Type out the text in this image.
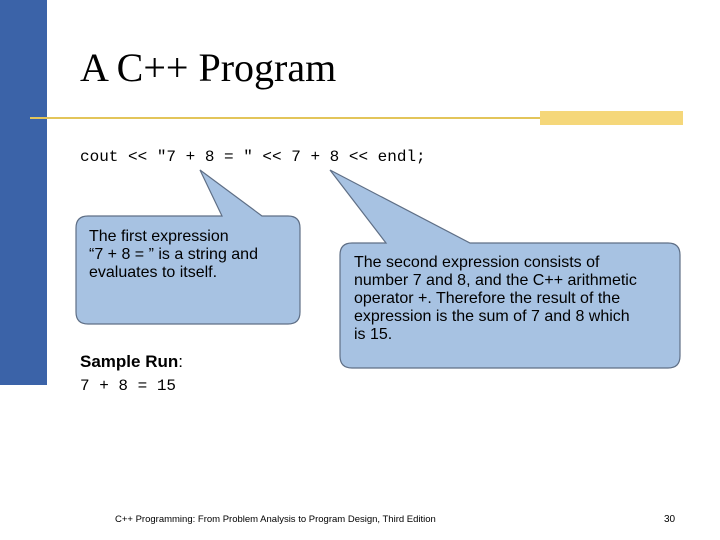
A C++ Program
cout << "7 + 8 = " << 7 + 8 << endl;
The first expression
“7 + 8 = ” is a string and
evaluates to itself.
The second expression consists of
number 7 and 8, and the C++ arithmetic
operator +. Therefore the result of the
expression is the sum of 7 and 8 which
is 15.
Sample Run:
7 + 8 = 15
C++ Programming: From Problem Analysis to Program Design, Third Edition	30
